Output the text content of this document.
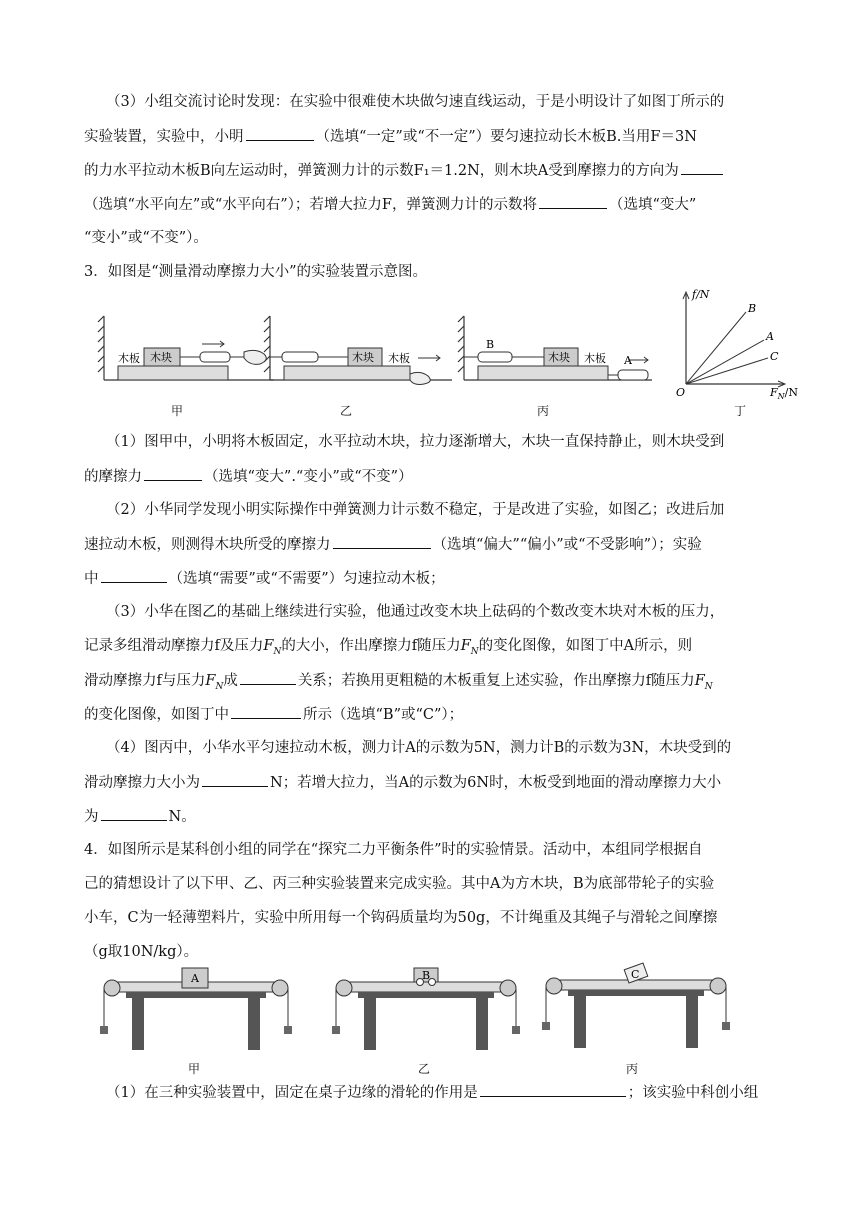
（3）小组交流讨论时发现：在实验中很难使木块做匀速直线运动，于是小明设计了如图丁所示的
实验装置，实验中，小明	（选填“一定”或“不一定”）要匀速拉动长木板B.当用F＝3N
的力水平拉动木板B向左运动时，弹簧测力计的示数F₁＝1.2N，则木块A受到摩擦力的方向为
（选填“水平向左”或“水平向右”）；若增大拉力F，弹簧测力计的示数将	（选填“变大”
“变小”或“不变”）。
3．如图是“测量滑动摩擦力大小”的实验装置示意图。
木板 木块
甲
木块 木板
乙
B
木块 木板 A
丙
f/N
B
A
C
O	$F_N/N$
丁
（1）图甲中，小明将木板固定，水平拉动木块，拉力逐渐增大，木块一直保持静止，则木块受到
的摩擦力	（选填“变大”.“变小”或“不变”）
（2）小华同学发现小明实际操作中弹簧测力计示数不稳定，于是改进了实验，如图乙；改进后加
速拉动木板，则测得木块所受的摩擦力	（选填“偏大”“偏小”或“不受影响”）；实验
中	（选填“需要”或“不需要”）匀速拉动木板；
（3）小华在图乙的基础上继续进行实验，他通过改变木块上砝码的个数改变木块对木板的压力，
记录多组滑动摩擦力f及压力$F_N$的大小，作出摩擦力f随压力$F_N$的变化图像，如图丁中A所示，则
滑动摩擦力f与压力$F_N$成	关系；若换用更粗糙的木板重复上述实验，作出摩擦力f随压力$F_N$
的变化图像，如图丁中	所示（选填“B”或“C”）；
（4）图丙中，小华水平匀速拉动木板，测力计A的示数为5N，测力计B的示数为3N，木块受到的
滑动摩擦力大小为	N；若增大拉力，当A的示数为6N时，木板受到地面的滑动摩擦力大小
为	N。
4．如图所示是某科创小组的同学在“探究二力平衡条件”时的实验情景。活动中，本组同学根据自
己的猜想设计了以下甲、乙、丙三种实验装置来完成实验。其中A为方木块，B为底部带轮子的实验
小车，C为一轻薄塑料片，实验中所用每一个钩码质量均为50g，不计绳重及其绳子与滑轮之间摩擦
（g取10N/kg）。
A
甲
B
乙
C
丙
（1）在三种实验装置中，固定在桌子边缘的滑轮的作用是	；该实验中科创小组
